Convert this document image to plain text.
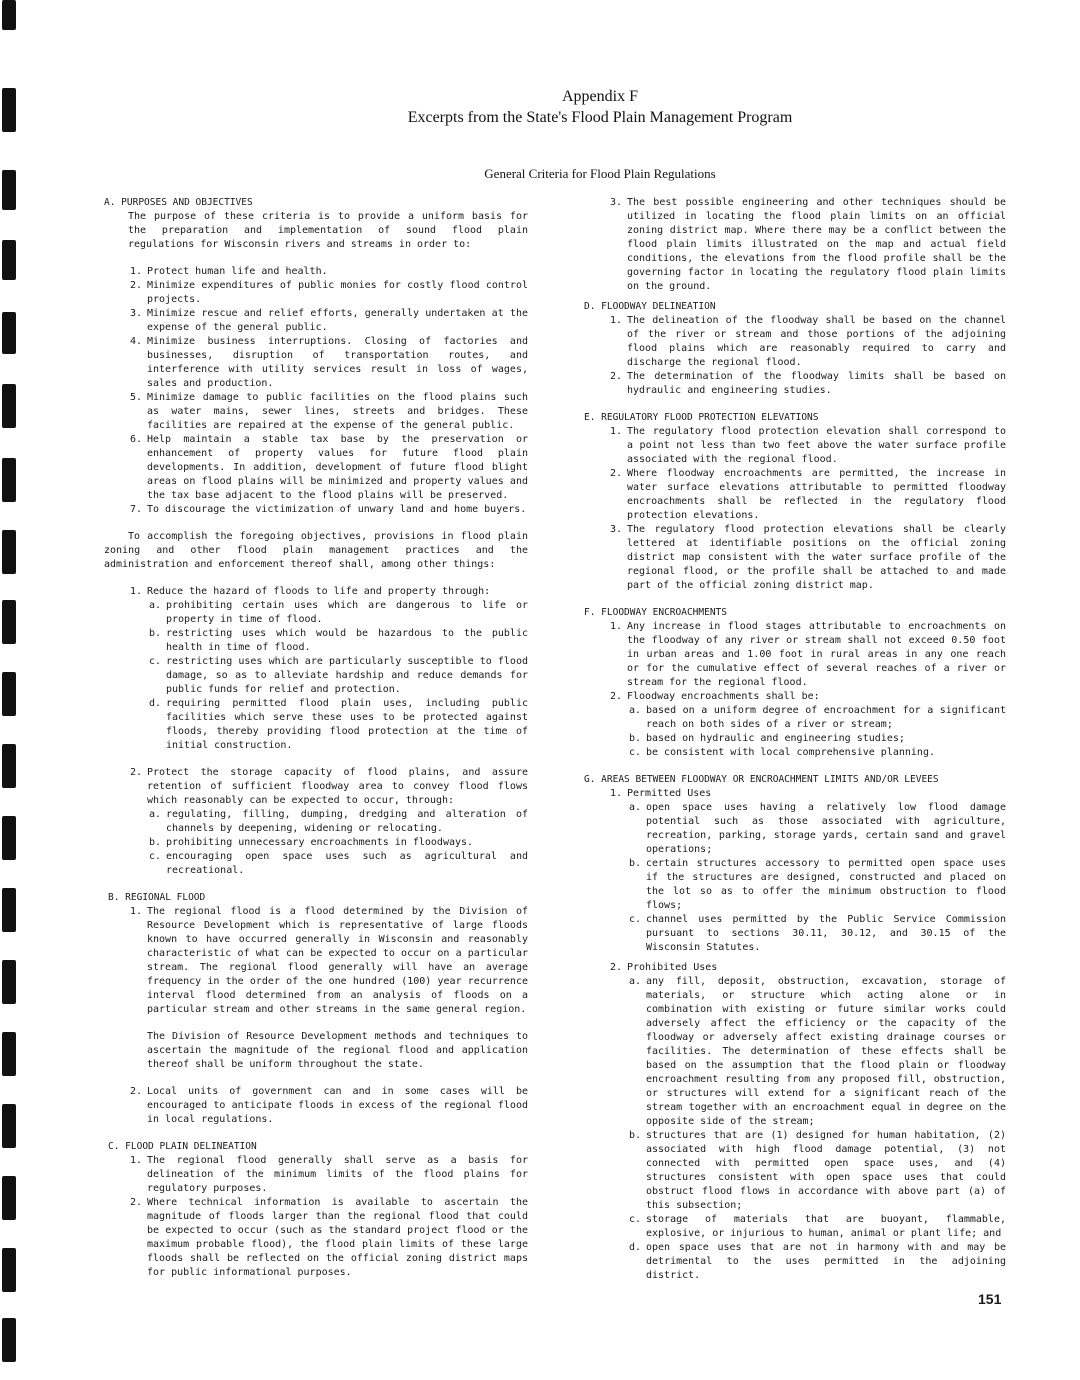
Appendix F
Excerpts from the State's Flood Plain Management Program
General Criteria for Flood Plain Regulations
A. PURPOSES AND OBJECTIVES

The purpose of these criteria is to provide a uniform basis for the preparation and implementation of sound flood plain regulations for Wisconsin rivers and streams in order to:

1. Protect human life and health.
2. Minimize expenditures of public monies for costly flood control projects.
3. Minimize rescue and relief efforts, generally undertaken at the expense of the general public.
4. Minimize business interruptions. Closing of factories and businesses, disruption of transportation routes, and interference with utility services result in loss of wages, sales and production.
5. Minimize damage to public facilities on the flood plains such as water mains, sewer lines, streets and bridges. These facilities are repaired at the expense of the general public.
6. Help maintain a stable tax base by the preservation or enhancement of property values for future flood plain developments. In addition, development of future flood blight areas on flood plains will be minimized and property values and the tax base adjacent to the flood plains will be preserved.
7. To discourage the victimization of unwary land and home buyers.

To accomplish the foregoing objectives, provisions in flood plain zoning and other flood plain management practices and the administration and enforcement thereof shall, among other things:

1. Reduce the hazard of floods to life and property through:
a. prohibiting certain uses which are dangerous to life or property in time of flood.
b. restricting uses which would be hazardous to the public health in time of flood.
c. restricting uses which are particularly susceptible to flood damage, so as to alleviate hardship and reduce demands for public funds for relief and protection.
d. requiring permitted flood plain uses, including public facilities which serve these uses to be protected against floods, thereby providing flood protection at the time of initial construction.
2. Protect the storage capacity of flood plains, and assure retention of sufficient floodway area to convey flood flows which reasonably can be expected to occur, through:
a. regulating, filling, dumping, dredging and alteration of channels by deepening, widening or relocating.
b. prohibiting unnecessary encroachments in floodways.
c. encouraging open space uses such as agricultural and recreational.
B. REGIONAL FLOOD
1. The regional flood is a flood determined by the Division of Resource Development which is representative of large floods known to have occurred generally in Wisconsin and reasonably characteristic of what can be expected to occur on a particular stream. The regional flood generally will have an average frequency in the order of the one hundred (100) year recurrence interval flood determined from an analysis of floods on a particular stream and other streams in the same general region.

The Division of Resource Development methods and techniques to ascertain the magnitude of the regional flood and application thereof shall be uniform throughout the state.

2. Local units of government can and in some cases will be encouraged to anticipate floods in excess of the regional flood in local regulations.
C. FLOOD PLAIN DELINEATION
1. The regional flood generally shall serve as a basis for delineation of the minimum limits of the flood plains for regulatory purposes.
2. Where technical information is available to ascertain the magnitude of floods larger than the regional flood that could be expected to occur (such as the standard project flood or the maximum probable flood), the flood plain limits of these large floods shall be reflected on the official zoning district maps for public informational purposes.
3. The best possible engineering and other techniques should be utilized in locating the flood plain limits on an official zoning district map. Where there may be a conflict between the flood plain limits illustrated on the map and actual field conditions, the elevations from the flood profile shall be the governing factor in locating the regulatory flood plain limits on the ground.
D. FLOODWAY DELINEATION
1. The delineation of the floodway shall be based on the channel of the river or stream and those portions of the adjoining flood plains which are reasonably required to carry and discharge the regional flood.
2. The determination of the floodway limits shall be based on hydraulic and engineering studies.
E. REGULATORY FLOOD PROTECTION ELEVATIONS
1. The regulatory flood protection elevation shall correspond to a point not less than two feet above the water surface profile associated with the regional flood.
2. Where floodway encroachments are permitted, the increase in water surface elevations attributable to permitted floodway encroachments shall be reflected in the regulatory flood protection elevations.
3. The regulatory flood protection elevations shall be clearly lettered at identifiable positions on the official zoning district map consistent with the water surface profile of the regional flood, or the profile shall be attached to and made part of the official zoning district map.
F. FLOODWAY ENCROACHMENTS
1. Any increase in flood stages attributable to encroachments on the floodway of any river or stream shall not exceed 0.50 foot in urban areas and 1.00 foot in rural areas in any one reach or for the cumulative effect of several reaches of a river or stream for the regional flood.
2. Floodway encroachments shall be:
a. based on a uniform degree of encroachment for a significant reach on both sides of a river or stream;
b. based on hydraulic and engineering studies;
c. be consistent with local comprehensive planning.
G. AREAS BETWEEN FLOODWAY OR ENCROACHMENT LIMITS AND/OR LEVEES
1. Permitted Uses
a. open space uses having a relatively low flood damage potential such as those associated with agriculture, recreation, parking, storage yards, certain sand and gravel operations;
b. certain structures accessory to permitted open space uses if the structures are designed, constructed and placed on the lot so as to offer the minimum obstruction to flood flows;
c. channel uses permitted by the Public Service Commission pursuant to sections 30.11, 30.12, and 30.15 of the Wisconsin Statutes.
2. Prohibited Uses
a. any fill, deposit, obstruction, excavation, storage of materials, or structure which acting alone or in combination with existing or future similar works could adversely affect the efficiency or the capacity of the floodway or adversely affect existing drainage courses or facilities. The determination of these effects shall be based on the assumption that the flood plain or floodway encroachment resulting from any proposed fill, obstruction, or structures will extend for a significant reach of the stream together with an encroachment equal in degree on the opposite side of the stream;
b. structures that are (1) designed for human habitation, (2) associated with high flood damage potential, (3) not connected with permitted open space uses, and (4) structures consistent with open space uses that could obstruct flood flows in accordance with above part (a) of this subsection;
c. storage of materials that are buoyant, flammable, explosive, or injurious to human, animal or plant life; and
d. open space uses that are not in harmony with and may be detrimental to the uses permitted in the adjoining district.
151
